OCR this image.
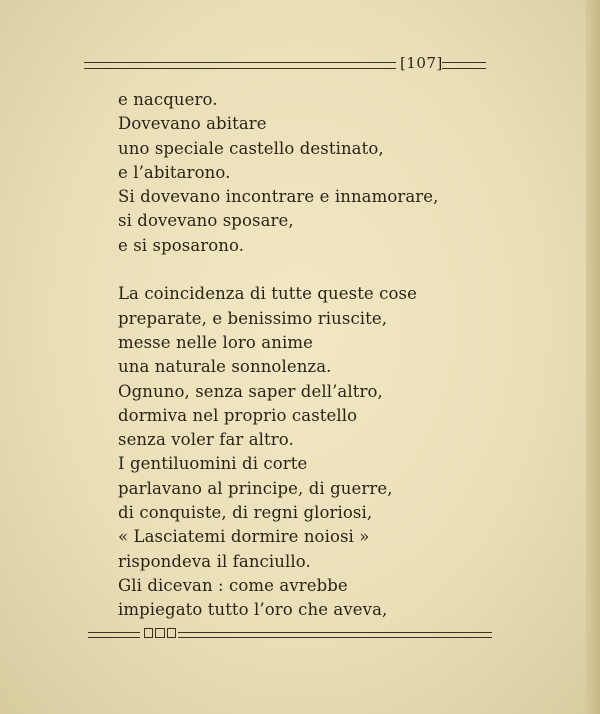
[107]
e nacquero.
Dovevano abitare
uno speciale castello destinato,
e l’abitarono.
Si dovevano incontrare e innamorare,
si dovevano sposare,
e si sposarono.
La coincidenza di tutte queste cose
preparate, e benissimo riuscite,
messe nelle loro anime
una naturale sonnolenza.
Ognuno, senza saper dell’altro,
dormiva nel proprio castello
senza voler far altro.
I gentiluomini di corte
parlavano al principe, di guerre,
di conquiste, di regni gloriosi,
« Lasciatemi dormire noiosi »
rispondeva il fanciullo.
Gli dicevan : come avrebbe
impiegato tutto l’oro che aveva,
